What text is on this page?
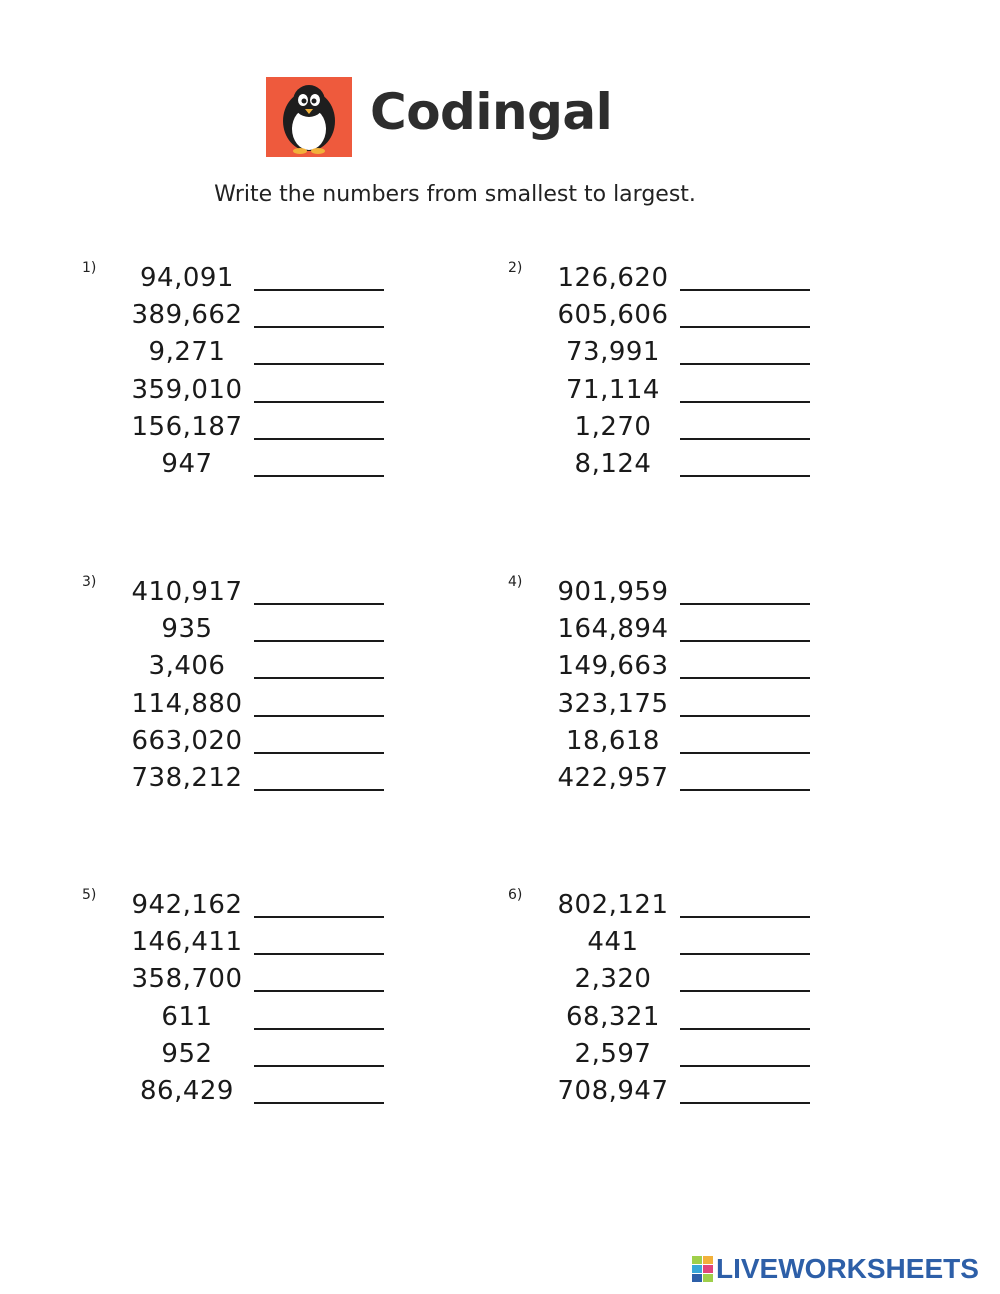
Codingal
Write the numbers from smallest to largest.
1)	94,091
389,662
9,271
359,010
156,187
947
2)	126,620
605,606
73,991
71,114
1,270
8,124
3)	410,917
935
3,406
114,880
663,020
738,212
4)	901,959
164,894
149,663
323,175
18,618
422,957
5)	942,162
146,411
358,700
611
952
86,429
6)	802,121
441
2,320
68,321
2,597
708,947
LIVEWORKSHEETS
